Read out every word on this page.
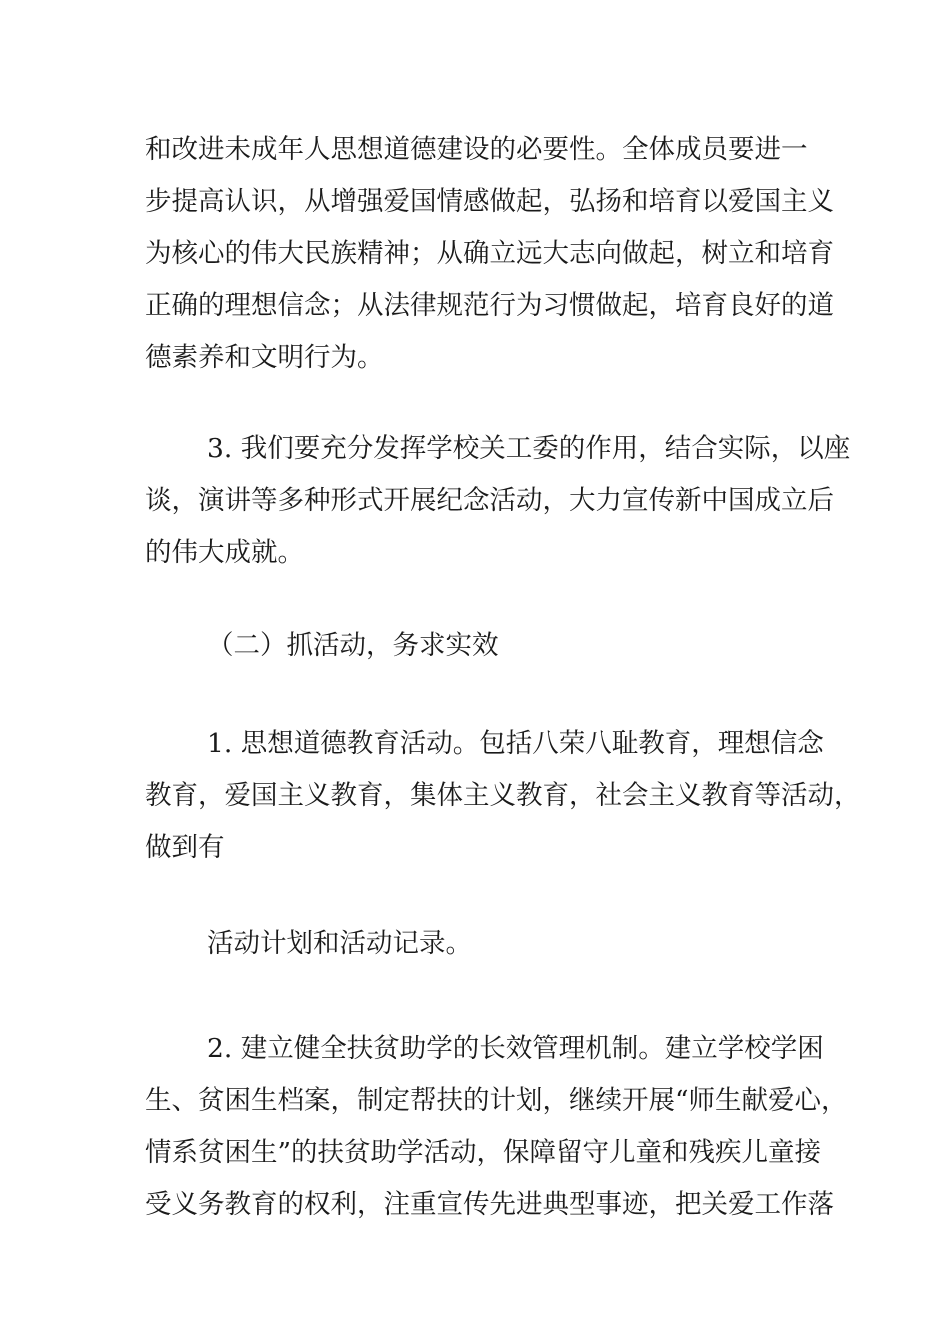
和改进未成年人思想道德建设的必要性。全体成员要进一
步提高认识，从增强爱国情感做起，弘扬和培育以爱国主义
为核心的伟大民族精神；从确立远大志向做起，树立和培育
正确的理想信念；从法律规范行为习惯做起，培育良好的道
德素养和文明行为。
3. 我们要充分发挥学校关工委的作用，结合实际，以座
谈，演讲等多种形式开展纪念活动，大力宣传新中国成立后
的伟大成就。
（二）抓活动，务求实效
1. 思想道德教育活动。包括八荣八耻教育，理想信念
教育，爱国主义教育，集体主义教育，社会主义教育等活动，
做到有
活动计划和活动记录。
2. 建立健全扶贫助学的长效管理机制。建立学校学困
生、贫困生档案，制定帮扶的计划，继续开展“师生献爱心，
情系贫困生”的扶贫助学活动，保障留守儿童和残疾儿童接
受义务教育的权利，注重宣传先进典型事迹，把关爱工作落
